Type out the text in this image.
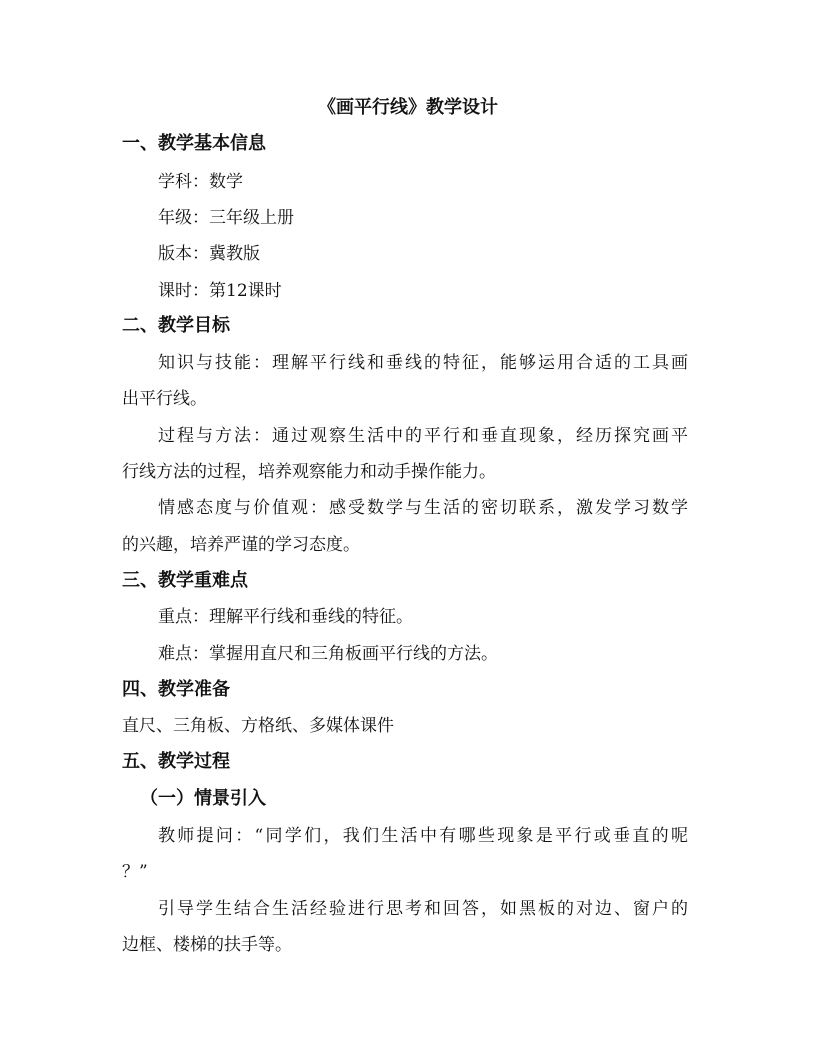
《画平行线》教学设计
一、教学基本信息
学科：数学
年级：三年级上册
版本：冀教版
课时：第12课时
二、教学目标
知识与技能：理解平行线和垂线的特征，能够运用合适的工具画
出平行线。
过程与方法：通过观察生活中的平行和垂直现象，经历探究画平
行线方法的过程，培养观察能力和动手操作能力。
情感态度与价值观：感受数学与生活的密切联系，激发学习数学
的兴趣，培养严谨的学习态度。
三、教学重难点
重点：理解平行线和垂线的特征。
难点：掌握用直尺和三角板画平行线的方法。
四、教学准备
直尺、三角板、方格纸、多媒体课件
五、教学过程
（一）情景引入
教师提问：“同学们，我们生活中有哪些现象是平行或垂直的呢
？”
引导学生结合生活经验进行思考和回答，如黑板的对边、窗户的
边框、楼梯的扶手等。
